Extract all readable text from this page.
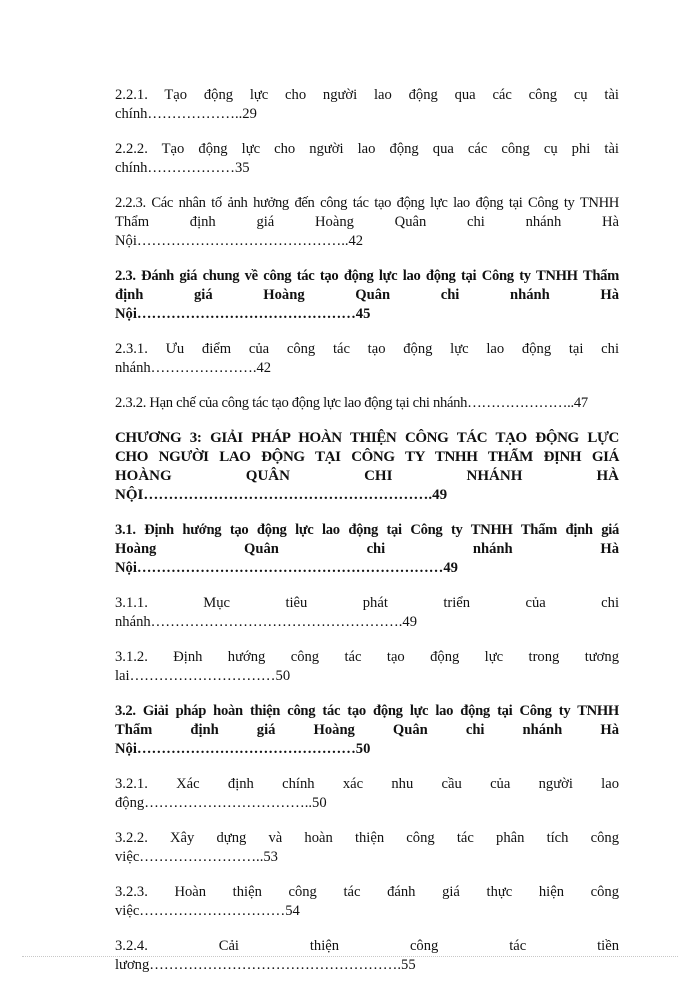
2.2.1. Tạo động lực cho người lao động qua các công cụ tài
chính………………..29

2.2.2. Tạo động lực cho người lao động qua các công cụ phi tài
chính………………35

2.2.3. Các nhân tố ảnh hưởng đến công tác tạo động lực lao động tại Công ty TNHH
Thẩm định giá Hoàng Quân chi nhánh Hà
Nội……………………………………..42

2.3. Đánh giá chung về công tác tạo động lực lao động tại Công ty TNHH Thẩm
định giá Hoàng Quân chi nhánh Hà
Nội………………………………………45

2.3.1. Ưu điểm của công tác tạo động lực lao động tại chi
nhánh………………….42

2.3.2. Hạn chế của công tác tạo động lực lao động tại chi nhánh…………………..47

CHƯƠNG 3: GIẢI PHÁP HOÀN THIỆN CÔNG TÁC TẠO ĐỘNG LỰC
CHO NGƯỜI LAO ĐỘNG TẠI CÔNG TY TNHH THẨM ĐỊNH GIÁ
HOÀNG QUÂN CHI NHÁNH HÀ
NỘI………………………………………………….49

3.1. Định hướng tạo động lực lao động tại Công ty TNHH Thẩm định giá
Hoàng Quân chi nhánh Hà
Nội………………………………………………………49

3.1.1. Mục tiêu phát triển của chi
nhánh…………………………………………….49

3.1.2. Định hướng công tác tạo động lực trong tương
lai…………………………50

3.2. Giải pháp hoàn thiện công tác tạo động lực lao động tại Công ty TNHH
Thẩm định giá Hoàng Quân chi nhánh Hà
Nội………………………………………50

3.2.1. Xác định chính xác nhu cầu của người lao
động……………………………..50

3.2.2. Xây dựng và hoàn thiện công tác phân tích công
việc……………………..53

3.2.3. Hoàn thiện công tác đánh giá thực hiện công
việc…………………………54

3.2.4. Cải thiện công tác tiền
lương…………………………………………….55
